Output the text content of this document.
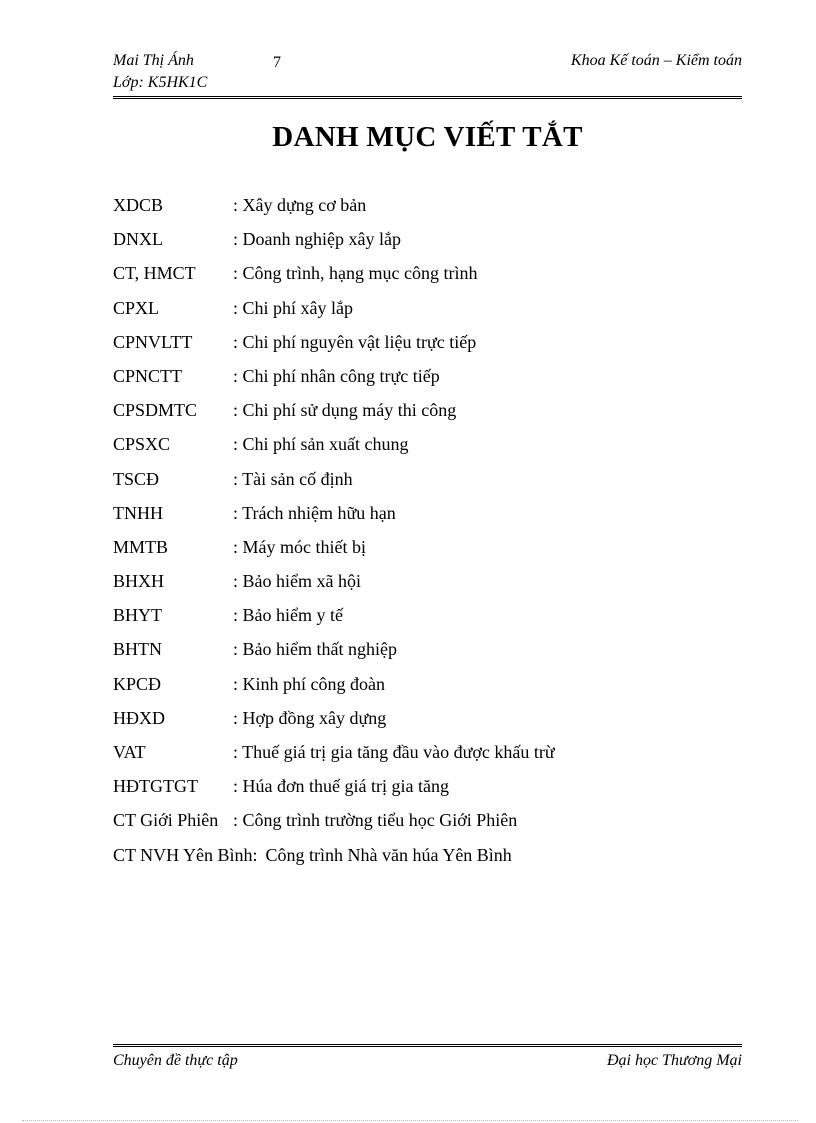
Mai Thị Ánh
Lớp: K5HK1C
7	Khoa Kế toán – Kiểm toán
DANH MỤC VIẾT TẮT
XDCB	: Xây dựng cơ bản
DNXL	: Doanh nghiệp xây lắp
CT, HMCT : Công trình, hạng mục công trình
CPXL	: Chi phí xây lắp
CPNVLTT : Chi phí nguyên vật liệu trực tiếp
CPNCTT	: Chi phí nhân công trực tiếp
CPSDMTC : Chi phí sử dụng máy thi công
CPSXC	: Chi phí sản xuất chung
TSCĐ	: Tài sản cố định
TNHH	: Trách nhiệm hữu hạn
MMTB	: Máy móc thiết bị
BHXH	: Bảo hiểm xã hội
BHYT	: Bảo hiểm y tế
BHTN	: Bảo hiểm thất nghiệp
KPCĐ	: Kinh phí công đoàn
HĐXD	: Hợp đồng xây dựng
VAT	: Thuế giá trị gia tăng đầu vào được khấu trừ
HĐTGTGT : Húa đơn thuế giá trị gia tăng
CT Giới Phiên : Công trình trường tiểu học Giới Phiên
CT NVH Yên Bình: Công trình Nhà văn húa Yên Bình
Chuyên đề thực tập	Đại học Thương Mại
